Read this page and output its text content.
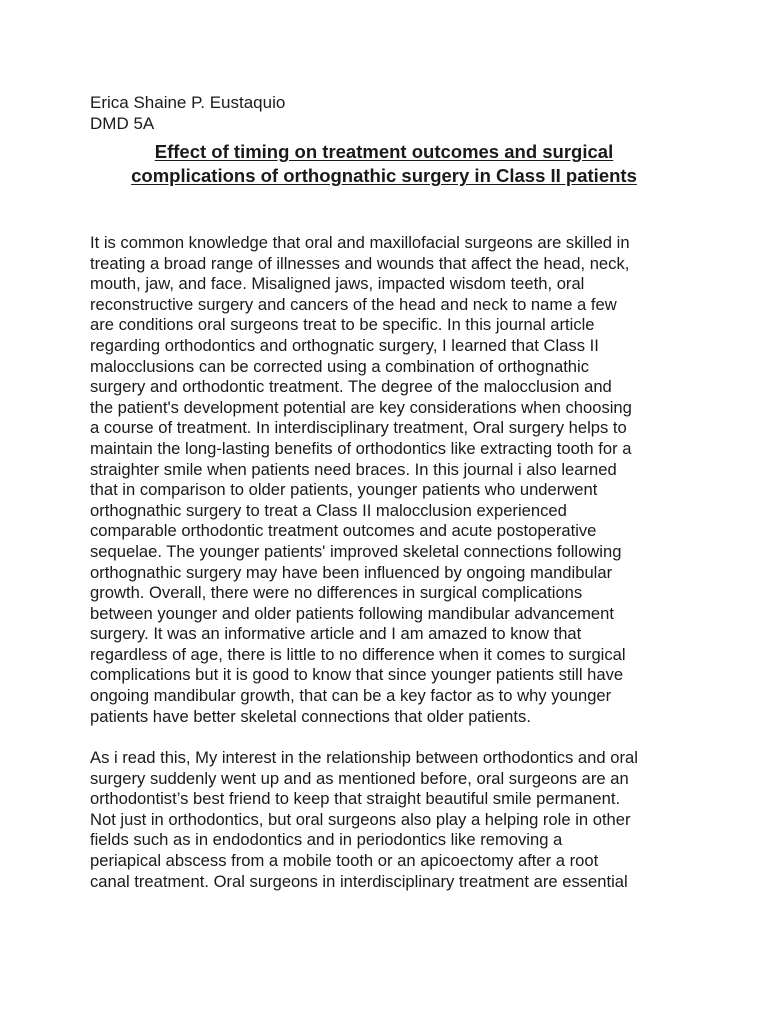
Erica Shaine P. Eustaquio
DMD 5A
Effect of timing on treatment outcomes and surgical
complications of orthognathic surgery in Class II patients
It is common knowledge that oral and maxillofacial surgeons are skilled in
treating a broad range of illnesses and wounds that affect the head, neck,
mouth, jaw, and face. Misaligned jaws, impacted wisdom teeth, oral
reconstructive surgery and cancers of the head and neck to name a few
are conditions oral surgeons treat to be specific. In this journal article
regarding orthodontics and orthognatic surgery, I learned that Class II
malocclusions can be corrected using a combination of orthognathic
surgery and orthodontic treatment. The degree of the malocclusion and
the patient's development potential are key considerations when choosing
a course of treatment. In interdisciplinary treatment, Oral surgery helps to
maintain the long-lasting benefits of orthodontics like extracting tooth for a
straighter smile when patients need braces. In this journal i also learned
that in comparison to older patients, younger patients who underwent
orthognathic surgery to treat a Class II malocclusion experienced
comparable orthodontic treatment outcomes and acute postoperative
sequelae. The younger patients' improved skeletal connections following
orthognathic surgery may have been influenced by ongoing mandibular
growth. Overall, there were no differences in surgical complications
between younger and older patients following mandibular advancement
surgery. It was an informative article and I am amazed to know that
regardless of age, there is little to no difference when it comes to surgical
complications but it is good to know that since younger patients still have
ongoing mandibular growth, that can be a key factor as to why younger
patients have better skeletal connections that older patients.
As i read this, My interest in the relationship between orthodontics and oral
surgery suddenly went up and as mentioned before, oral surgeons are an
orthodontist’s best friend to keep that straight beautiful smile permanent.
Not just in orthodontics, but oral surgeons also play a helping role in other
fields such as in endodontics and in periodontics like removing a
periapical abscess from a mobile tooth or an apicoectomy after a root
canal treatment. Oral surgeons in interdisciplinary treatment are essential
